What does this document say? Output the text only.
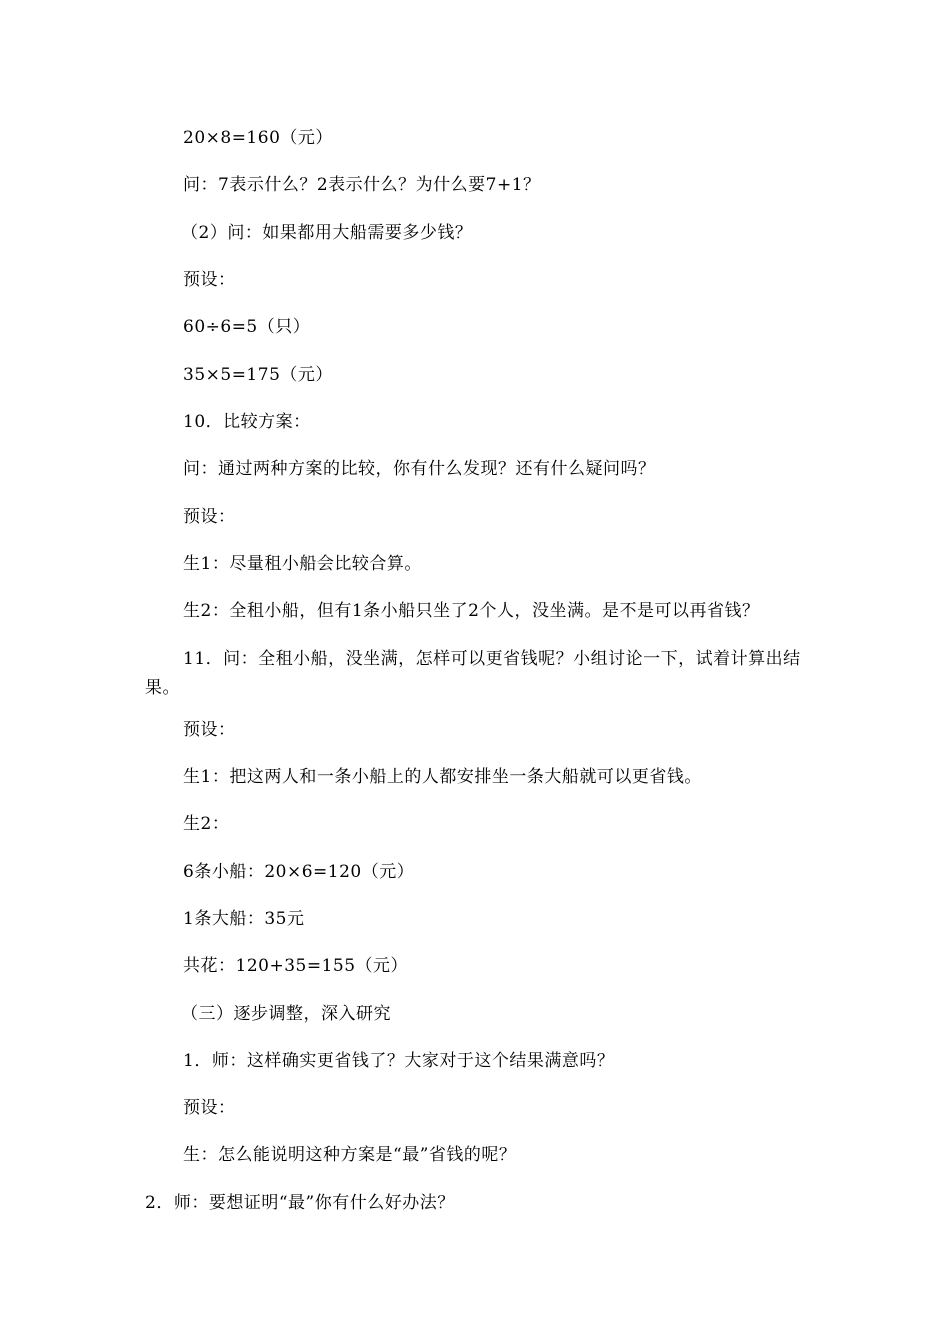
20×8=160（元）
问：7表示什么？2表示什么？为什么要7+1？
（2）问：如果都用大船需要多少钱？
预设：
60÷6=5（只）
35×5=175（元）
10．比较方案：
问：通过两种方案的比较，你有什么发现？还有什么疑问吗？
预设：
生1：尽量租小船会比较合算。
生2：全租小船，但有1条小船只坐了2个人，没坐满。是不是可以再省钱？
11．问：全租小船，没坐满，怎样可以更省钱呢？小组讨论一下，试着计算出结果。
预设：
生1：把这两人和一条小船上的人都安排坐一条大船就可以更省钱。
生2：
6条小船：20×6=120（元）
1条大船：35元
共花：120+35=155（元）
（三）逐步调整，深入研究
1．师：这样确实更省钱了？大家对于这个结果满意吗？
预设：
生：怎么能说明这种方案是“最”省钱的呢？
2．师：要想证明“最”你有什么好办法？
